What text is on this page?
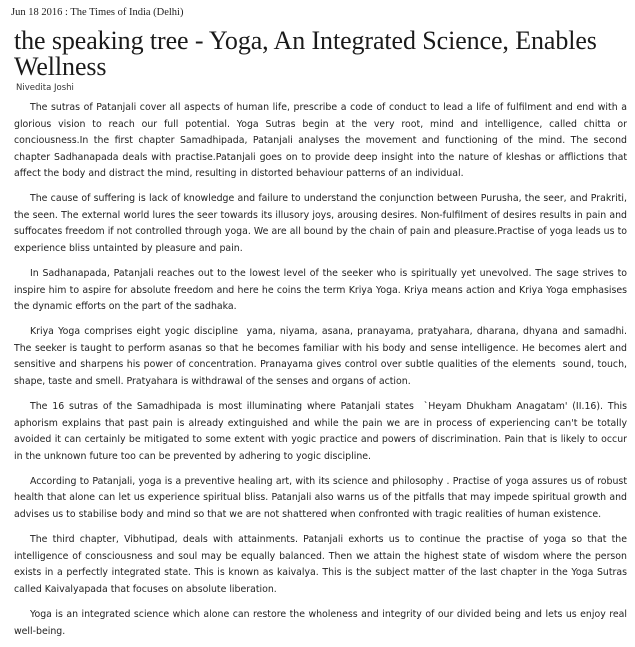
Jun 18 2016 : The Times of India (Delhi)
the speaking tree - Yoga, An Integrated Science, Enables Wellness
Nivedita Joshi

The sutras of Patanjali cover all aspects of human life, prescribe a code of conduct to lead a life of fulfilment and end with a glorious vision to reach our full potential. Yoga Sutras begin at the very root, mind and intelligence, called chitta or conciousness.In the first chapter Samadhipada, Patanjali analyses the movement and functioning of the mind. The second chapter Sadhanapada deals with practise.Patanjali goes on to provide deep insight into the nature of kleshas or afflictions that affect the body and distract the mind, resulting in distorted behaviour patterns of an individual.

The cause of suffering is lack of knowledge and failure to understand the conjunction between Purusha, the seer, and Prakriti, the seen. The external world lures the seer towards its illusory joys, arousing desires. Non-fulfilment of desires results in pain and suffocates freedom if not controlled through yoga. We are all bound by the chain of pain and pleasure.Practise of yoga leads us to experience bliss untainted by pleasure and pain.

In Sadhanapada, Patanjali reaches out to the lowest level of the seeker who is spiritually yet unevolved. The sage strives to inspire him to aspire for absolute freedom and here he coins the term Kriya Yoga. Kriya means action and Kriya Yoga emphasises the dynamic efforts on the part of the sadhaka.

Kriya Yoga comprises eight yogic discipline  yama, niyama, asana, pranayama, pratyahara, dharana, dhyana and samadhi. The seeker is taught to perform asanas so that he becomes familiar with his body and sense intelligence. He becomes alert and sensitive and sharpens his power of concentration. Pranayama gives control over subtle qualities of the elements  sound, touch, shape, taste and smell. Pratyahara is withdrawal of the senses and organs of action.

The 16 sutras of the Samadhipada is most illuminating where Patanjali states  `Heyam Dhukham Anagatam' (II.16). This aphorism explains that past pain is already extinguished and while the pain we are in process of experiencing can't be totally avoided it can certainly be mitigated to some extent with yogic practice and powers of discrimination. Pain that is likely to occur in the unknown future too can be prevented by adhering to yogic discipline.

According to Patanjali, yoga is a preventive healing art, with its science and philosophy . Practise of yoga assures us of robust health that alone can let us experience spiritual bliss. Patanjali also warns us of the pitfalls that may impede spiritual growth and advises us to stabilise body and mind so that we are not shattered when confronted with tragic realities of human existence.

The third chapter, Vibhutipad, deals with attainments. Patanjali exhorts us to continue the practise of yoga so that the intelligence of consciousness and soul may be equally balanced. Then we attain the highest state of wisdom where the person exists in a perfectly integrated state. This is known as kaivalya. This is the subject matter of the last chapter in the Yoga Sutras called Kaivalyapada that focuses on absolute liberation.

Yoga is an integrated science which alone can restore the wholeness and integrity of our divided being and lets us enjoy real well-being.
